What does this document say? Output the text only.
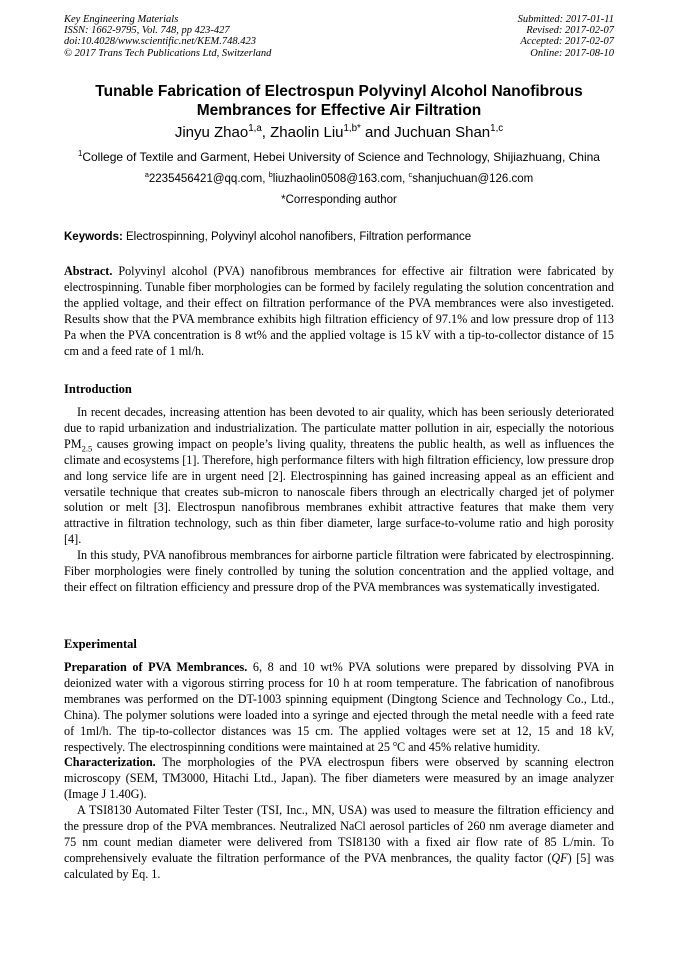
Key Engineering Materials
ISSN: 1662-9795, Vol. 748, pp 423-427
doi:10.4028/www.scientific.net/KEM.748.423
© 2017 Trans Tech Publications Ltd, Switzerland
Submitted: 2017-01-11
Revised: 2017-02-07
Accepted: 2017-02-07
Online: 2017-08-10
Tunable Fabrication of Electrospun Polyvinyl Alcohol Nanofibrous
Membrances for Effective Air Filtration
Jinyu Zhao$^{1,a}$, Zhaolin Liu$^{1,b*}$ and Juchuan Shan$^{1,c}$
$^1$College of Textile and Garment, Hebei University of Science and Technology, Shijiazhuang, China
$^a$2235456421@qq.com, $^b$liuzhaolin0508@163.com, $^c$shanjuchuan@126.com
*Corresponding author
Keywords: Electrospinning, Polyvinyl alcohol nanofibers, Filtration performance

Abstract. Polyvinyl alcohol (PVA) nanofibrous membrances for effective air filtration were fabricated by electrospinning. Tunable fiber morphologies can be formed by facilely regulating the solution concentration and the applied voltage, and their effect on filtration performance of the PVA membrances were also investigeted. Results show that the PVA membrance exhibits high filtration efficiency of 97.1% and low pressure drop of 113 Pa when the PVA concentration is 8 wt% and the applied voltage is 15 kV with a tip-to-collector distance of 15 cm and a feed rate of 1 ml/h.

Introduction

In recent decades, increasing attention has been devoted to air quality, which has been seriously deteriorated due to rapid urbanization and industrialization. The particulate matter pollution in air, especially the notorious $PM_{2.5}$ causes growing impact on people’s living quality, threatens the public health, as well as influences the climate and ecosystems [1]. Therefore, high performance filters with high filtration efficiency, low pressure drop and long service life are in urgent need [2]. Electrospinning has gained increasing appeal as an efficient and versatile technique that creates sub-micron to nanoscale fibers through an electrically charged jet of polymer solution or melt [3]. Electrospun nanofibrous membranes exhibit attractive features that make them very attractive in filtration technology, such as thin fiber diameter, large surface-to-volume ratio and high porosity [4].

In this study, PVA nanofibrous membrances for airborne particle filtration were fabricated by electrospinning. Fiber morphologies were finely controlled by tuning the solution concentration and the applied voltage, and their effect on filtration efficiency and pressure drop of the PVA membrances was systematically investigated.

Experimental

Preparation of PVA Membrances. 6, 8 and 10 wt% PVA solutions were prepared by dissolving PVA in deionized water with a vigorous stirring process for 10 h at room temperature. The fabrication of nanofibrous membranes was performed on the DT-1003 spinning equipment (Dingtong Science and Technology Co., Ltd., China). The polymer solutions were loaded into a syringe and ejected through the metal needle with a feed rate of 1ml/h. The tip-to-collector distances was 15 cm. The applied voltages were set at 12, 15 and 18 kV, respectively. The electrospinning conditions were maintained at 25 $^o$C and 45% relative humidity.

Characterization. The morphologies of the PVA electrospun fibers were observed by scanning electron microscopy (SEM, TM3000, Hitachi Ltd., Japan). The fiber diameters were measured by an image analyzer (Image J 1.40G).

A TSI8130 Automated Filter Tester (TSI, Inc., MN, USA) was used to measure the filtration efficiency and the pressure drop of the PVA membrances. Neutralized NaCl aerosol particles of 260 nm average diameter and 75 nm count median diameter were delivered from TSI8130 with a fixed air flow rate of 85 L/min. To comprehensively evaluate the filtration performance of the PVA menbrances, the quality factor (QF) [5] was calculated by Eq. 1.
